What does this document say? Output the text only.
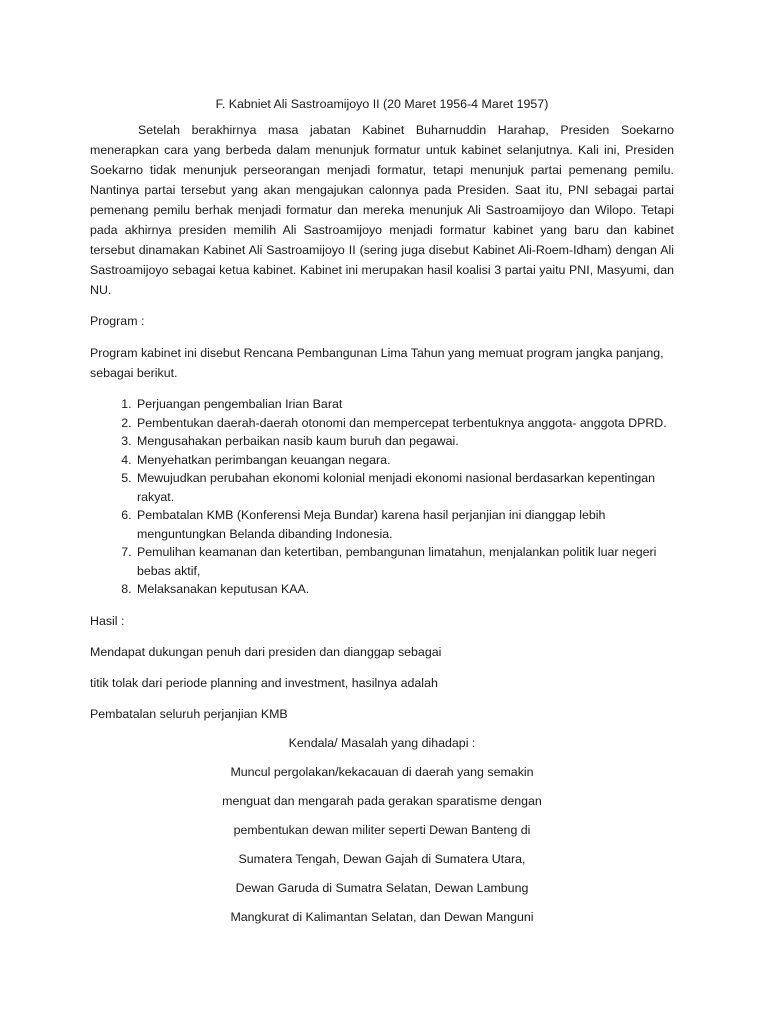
F. Kabniet Ali Sastroamijoyo II (20 Maret 1956-4 Maret 1957)

Setelah berakhirnya masa jabatan Kabinet Buharnuddin Harahap, Presiden Soekarno menerapkan cara yang berbeda dalam menunjuk formatur untuk kabinet selanjutnya. Kali ini, Presiden Soekarno tidak menunjuk perseorangan menjadi formatur, tetapi menunjuk partai pemenang pemilu. Nantinya partai tersebut yang akan mengajukan calonnya pada Presiden. Saat itu, PNI sebagai partai pemenang pemilu berhak menjadi formatur dan mereka menunjuk Ali Sastroamijoyo dan Wilopo. Tetapi pada akhirnya presiden memilih Ali Sastroamijoyo menjadi formatur kabinet yang baru dan kabinet tersebut dinamakan Kabinet Ali Sastroamijoyo II (sering juga disebut Kabinet Ali-Roem-Idham) dengan Ali Sastroamijoyo sebagai ketua kabinet. Kabinet ini merupakan hasil koalisi 3 partai yaitu PNI, Masyumi, dan NU.

Program :

Program kabinet ini disebut Rencana Pembangunan Lima Tahun yang memuat program jangka panjang, sebagai berikut.

1. Perjuangan pengembalian Irian Barat
2. Pembentukan daerah-daerah otonomi dan mempercepat terbentuknya anggota- anggota DPRD.
3. Mengusahakan perbaikan nasib kaum buruh dan pegawai.
4. Menyehatkan perimbangan keuangan negara.
5. Mewujudkan perubahan ekonomi kolonial menjadi ekonomi nasional berdasarkan kepentingan rakyat.
6. Pembatalan KMB (Konferensi Meja Bundar) karena hasil perjanjian ini dianggap lebih menguntungkan Belanda dibanding Indonesia.
7. Pemulihan keamanan dan ketertiban, pembangunan limatahun, menjalankan politik luar negeri bebas aktif,
8. Melaksanakan keputusan KAA.

Hasil :

Mendapat dukungan penuh dari presiden dan dianggap sebagai

titik tolak dari periode planning and investment, hasilnya adalah

Pembatalan seluruh perjanjian KMB

Kendala/ Masalah yang dihadapi :

Muncul pergolakan/kekacauan di daerah yang semakin

menguat dan mengarah pada gerakan sparatisme dengan

pembentukan dewan militer seperti Dewan Banteng di

Sumatera Tengah, Dewan Gajah di Sumatera Utara,

Dewan Garuda di Sumatra Selatan, Dewan Lambung

Mangkurat di Kalimantan Selatan, dan Dewan Manguni
